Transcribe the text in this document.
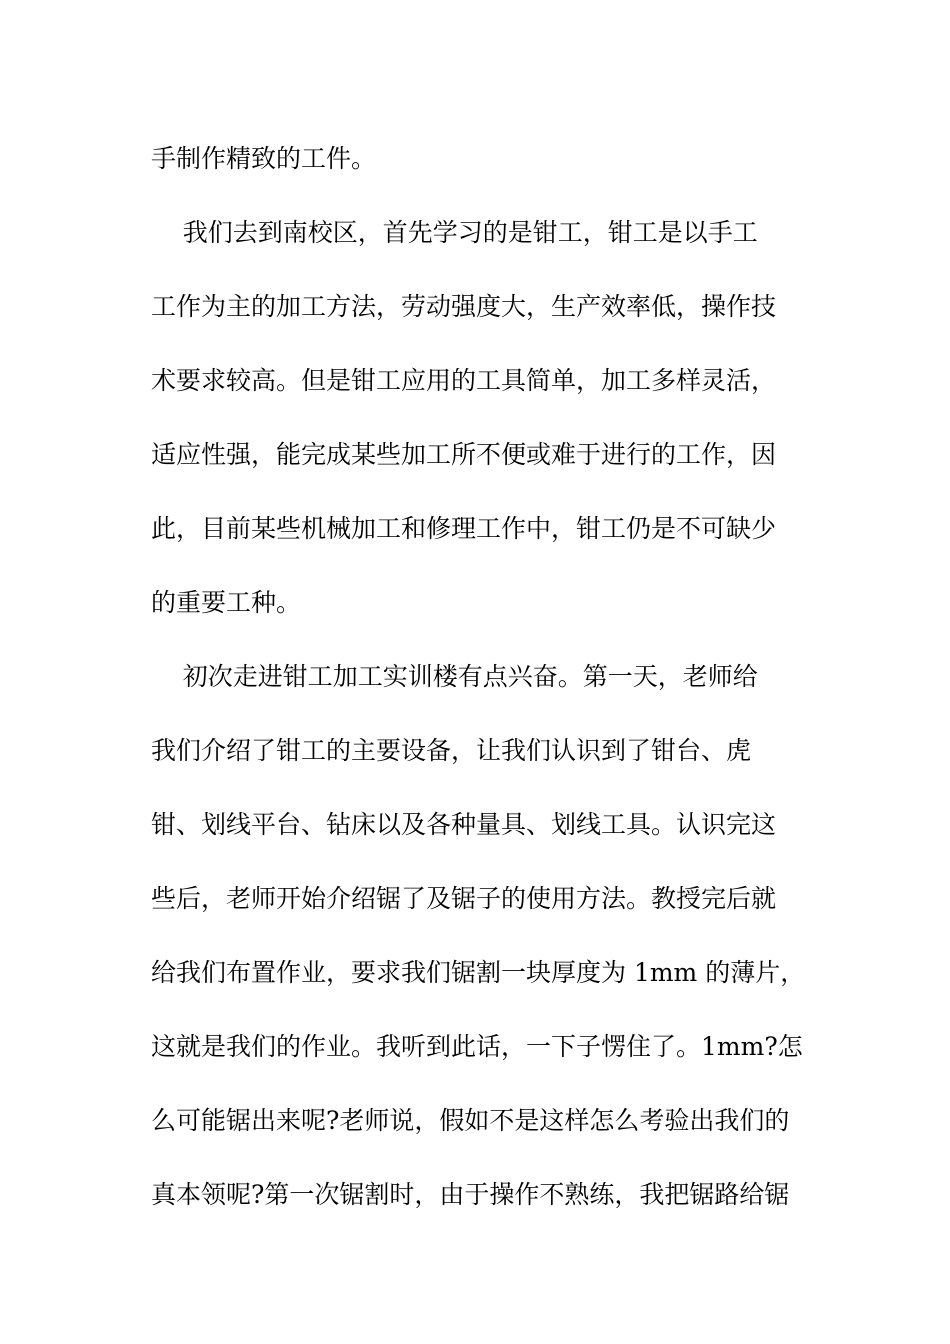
手制作精致的工件。
我们去到南校区，首先学习的是钳工，钳工是以手工
工作为主的加工方法，劳动强度大，生产效率低，操作技
术要求较高。但是钳工应用的工具简单，加工多样灵活，
适应性强，能完成某些加工所不便或难于进行的工作，因
此，目前某些机械加工和修理工作中，钳工仍是不可缺少
的重要工种。
初次走进钳工加工实训楼有点兴奋。第一天，老师给
我们介绍了钳工的主要设备，让我们认识到了钳台、虎
钳、划线平台、钻床以及各种量具、划线工具。认识完这
些后，老师开始介绍锯了及锯子的使用方法。教授完后就
给我们布置作业，要求我们锯割一块厚度为 1mm 的薄片，
这就是我们的作业。我听到此话，一下子愣住了。1mm?怎
么可能锯出来呢?老师说，假如不是这样怎么考验出我们的
真本领呢?第一次锯割时，由于操作不熟练，我把锯路给锯
